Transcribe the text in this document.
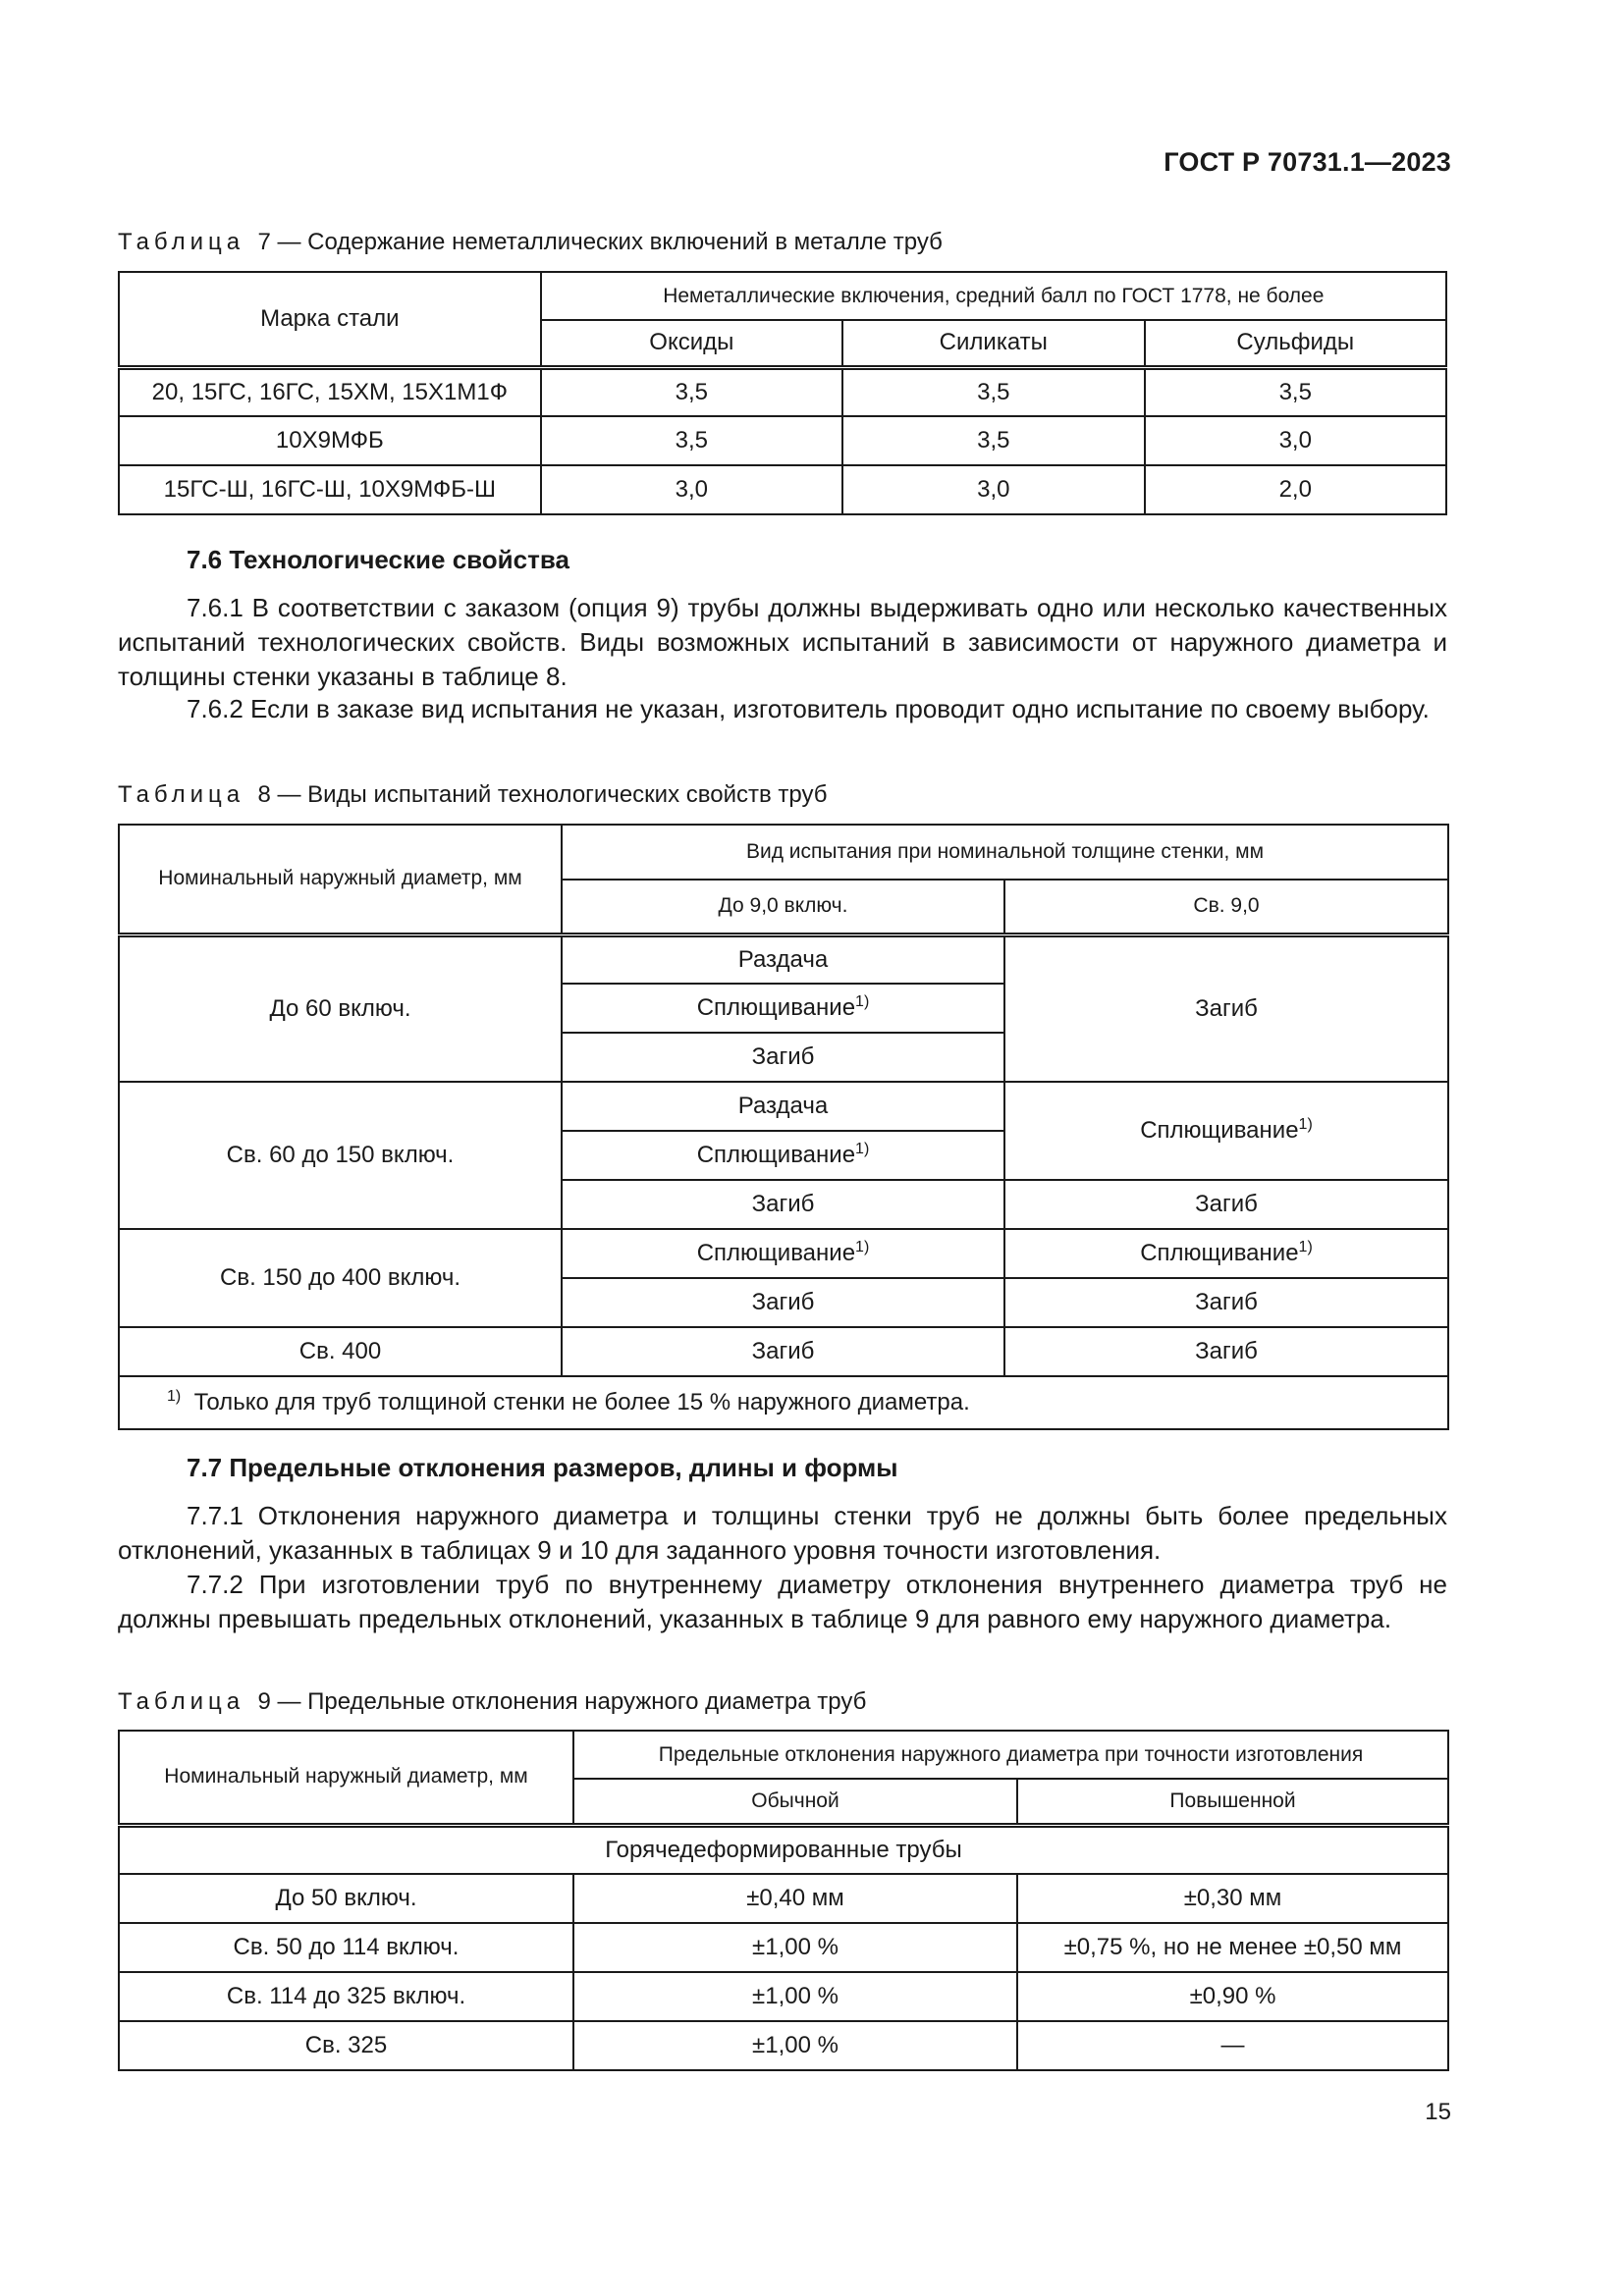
ГОСТ Р 70731.1—2023
Таблица 7 — Содержание неметаллических включений в металле труб
Марка стали	Неметаллические включения, средний балл по ГОСТ 1778, не более		
	Оксиды	Силикаты	Сульфиды
20, 15ГС, 16ГС, 15ХМ, 15Х1М1Ф	3,5	3,5	3,5
10Х9МФБ	3,5	3,5	3,0
15ГС-Ш, 16ГС-Ш, 10Х9МФБ-Ш	3,0	3,0	2,0
7.6 Технологические свойства

7.6.1 В соответствии с заказом (опция 9) трубы должны выдерживать одно или несколько качественных испытаний технологических свойств. Виды возможных испытаний в зависимости от наружного диаметра и толщины стенки указаны в таблице 8.

7.6.2 Если в заказе вид испытания не указан, изготовитель проводит одно испытание по своему выбору.

Таблица 8 — Виды испытаний технологических свойств труб
Номинальный наружный диаметр, мм	Вид испытания при номинальной толщине стенки, мм	
	До 9,0 включ.	Св. 9,0
До 60 включ.	Раздача	Загиб
	Сплющивание$^{1)}$
	Загиб	
Св. 60 до 150 включ.	Раздача	Сплющивание$^{1)}$
	Сплющивание$^{1)}$
	Загиб	Загиб
Св. 150 до 400 включ.	Сплющивание$^{1)}$	Сплющивание$^{1)}$
	Загиб	Загиб
Св. 400	Загиб	Загиб
$^{1)}$ Только для труб толщиной стенки не более 15 % наружного диаметра.		
7.7 Предельные отклонения размеров, длины и формы

7.7.1 Отклонения наружного диаметра и толщины стенки труб не должны быть более предельных отклонений, указанных в таблицах 9 и 10 для заданного уровня точности изготовления.

7.7.2 При изготовлении труб по внутреннему диаметру отклонения внутреннего диаметра труб не должны превышать предельных отклонений, указанных в таблице 9 для равного ему наружного диаметра.

Таблица 9 — Предельные отклонения наружного диаметра труб
Номинальный наружный диаметр, мм	Предельные отклонения наружного диаметра при точности изготовления	
	Обычной	Повышенной
Горячедеформированные трубы		
До 50 включ.	±0,40 мм	±0,30 мм
Св. 50 до 114 включ.	±1,00 %	±0,75 %, но не менее ±0,50 мм
Св. 114 до 325 включ.	±1,00 %	±0,90 %
Св. 325	±1,00 %	—
15
